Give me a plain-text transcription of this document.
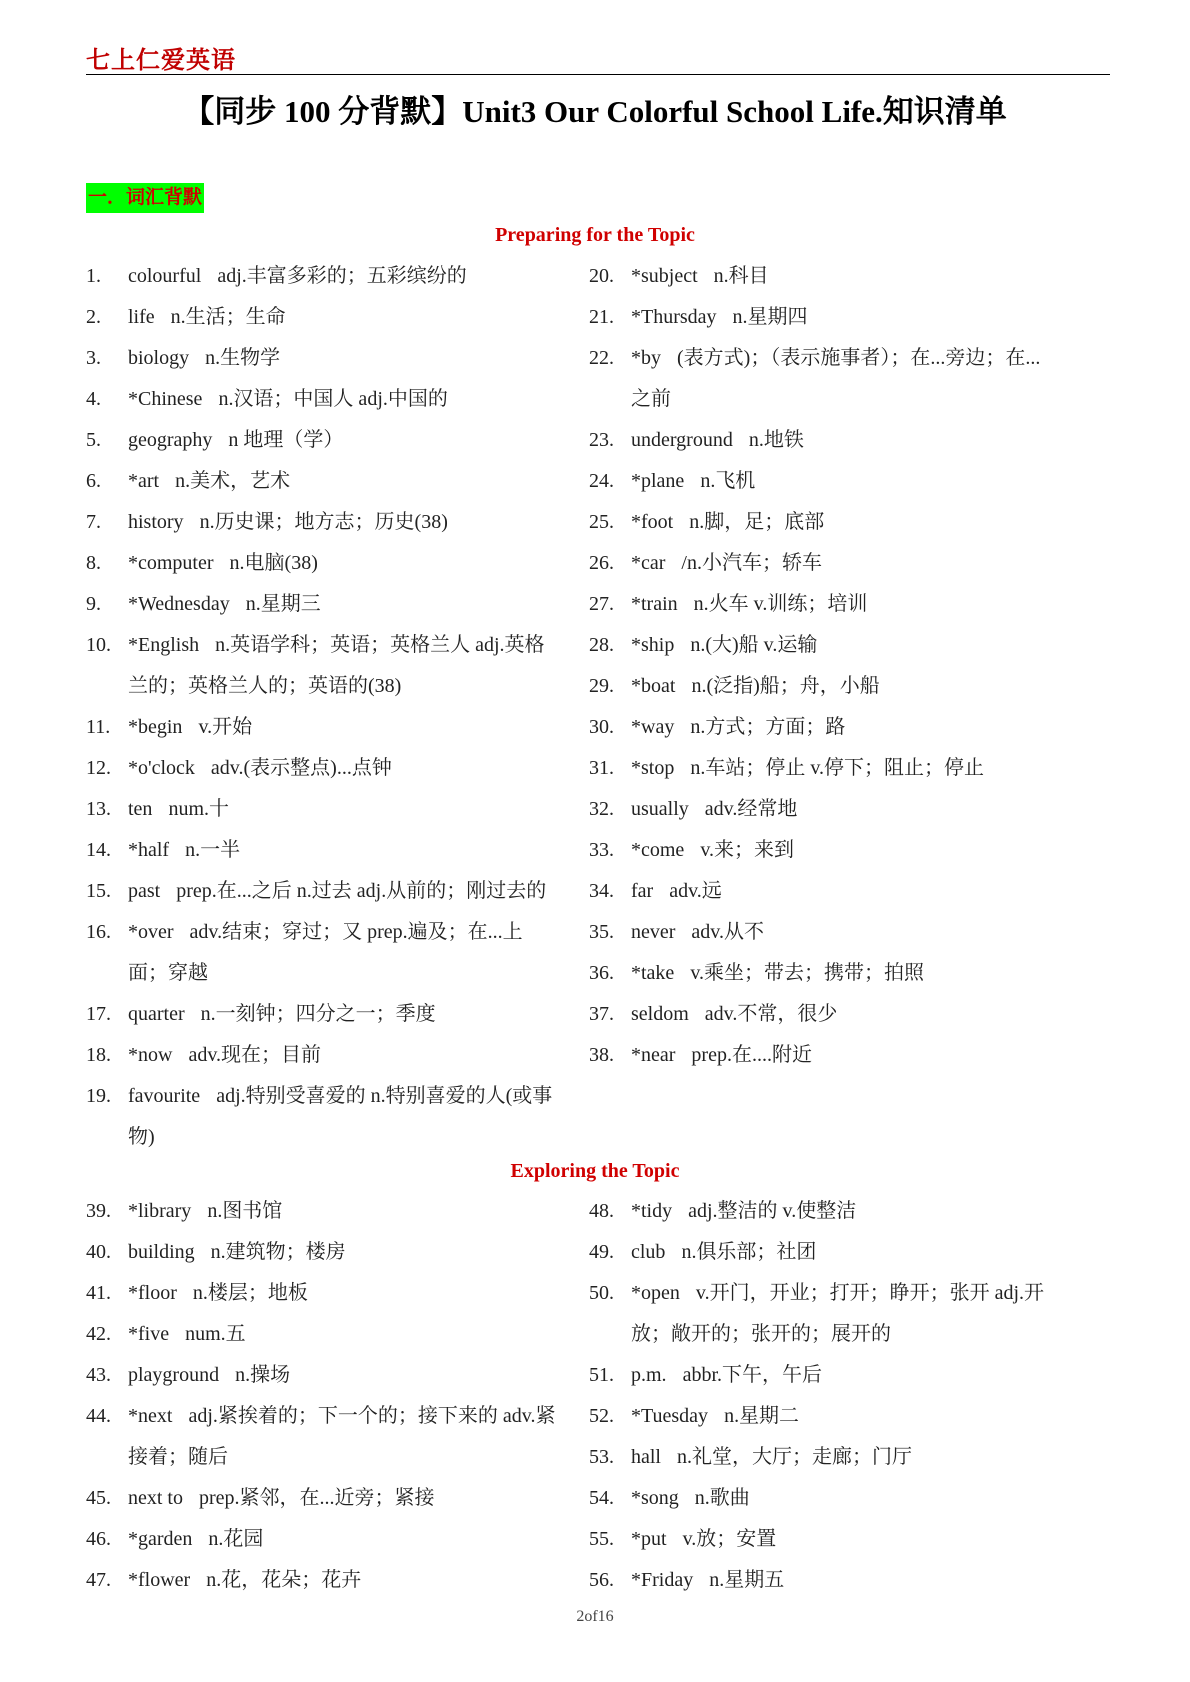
七上仁爱英语
【同步 100 分背默】Unit3 Our Colorful School Life.知识清单
一．词汇背默
Preparing for the Topic
1. colourful adj.丰富多彩的；五彩缤纷的
2. life n.生活；生命
3. biology n.生物学
4. *Chinese n.汉语；中国人 adj.中国的
5. geography n 地理（学）
6. *art n.美术，艺术
7. history n.历史课；地方志；历史(38)
8. *computer n.电脑(38)
9. *Wednesday n.星期三
10. *English n.英语学科；英语；英格兰人 adj.英格兰的；英格兰人的；英语的(38)
11. *begin v.开始
12. *o'clock adv.(表示整点)...点钟
13. ten num.十
14. *half n.一半
15. past prep.在...之后 n.过去 adj.从前的；刚过去的
16. *over adv.结束；穿过；又 prep.遍及；在...上面；穿越
17. quarter n.一刻钟；四分之一；季度
18. *now adv.现在；目前
19. favourite adj.特别受喜爱的 n.特别喜爱的人(或事物)
20. *subject n.科目
21. *Thursday n.星期四
22. *by (表方式)；（表示施事者）；在...旁边；在...之前
23. underground n.地铁
24. *plane n.飞机
25. *foot n.脚，足；底部
26. *car /n.小汽车；轿车
27. *train n.火车 v.训练；培训
28. *ship n.(大)船 v.运输
29. *boat n.(泛指)船；舟，小船
30. *way n.方式；方面；路
31. *stop n.车站；停止 v.停下；阻止；停止
32. usually adv.经常地
33. *come v.来；来到
34. far adv.远
35. never adv.从不
36. *take v.乘坐；带去；携带；拍照
37. seldom adv.不常，很少
38. *near prep.在....附近
Exploring the Topic
39. *library n.图书馆
40. building n.建筑物；楼房
41. *floor n.楼层；地板
42. *five num.五
43. playground n.操场
44. *next adj.紧挨着的；下一个的；接下来的 adv.紧接着；随后
45. next to prep.紧邻，在...近旁；紧接
46. *garden n.花园
47. *flower n.花，花朵；花卉
48. *tidy adj.整洁的 v.使整洁
49. club n.俱乐部；社团
50. *open v.开门，开业；打开；睁开；张开 adj.开放；敞开的；张开的；展开的
51. p.m. abbr.下午，午后
52. *Tuesday n.星期二
53. hall n.礼堂，大厅；走廊；门厅
54. *song n.歌曲
55. *put v.放；安置
56. *Friday n.星期五
2of16
